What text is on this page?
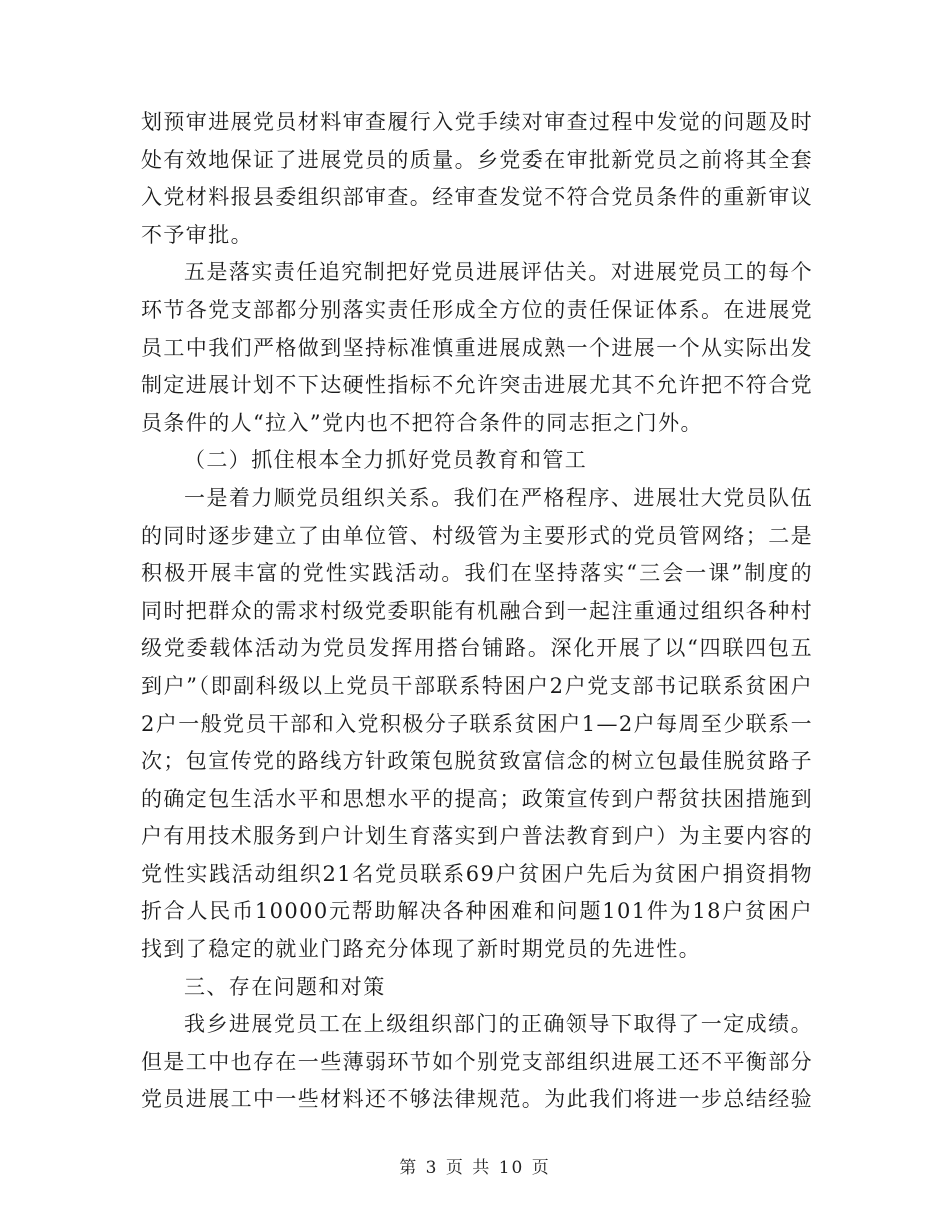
划预审进展党员材料审查履行入党手续对审查过程中发觉的问题及时处有效地保证了进展党员的质量。乡党委在审批新党员之前将其全套入党材料报县委组织部审查。经审查发觉不符合党员条件的重新审议不予审批。

五是落实责任追究制把好党员进展评估关。对进展党员工的每个环节各党支部都分别落实责任形成全方位的责任保证体系。在进展党员工中我们严格做到坚持标准慎重进展成熟一个进展一个从实际出发制定进展计划不下达硬性指标不允许突击进展尤其不允许把不符合党员条件的人“拉入”党内也不把符合条件的同志拒之门外。

（二）抓住根本全力抓好党员教育和管工

一是着力顺党员组织关系。我们在严格程序、进展壮大党员队伍的同时逐步建立了由单位管、村级管为主要形式的党员管网络；二是积极开展丰富的党性实践活动。我们在坚持落实“三会一课”制度的同时把群众的需求村级党委职能有机融合到一起注重通过组织各种村级党委载体活动为党员发挥用搭台铺路。深化开展了以“四联四包五到户”（即副科级以上党员干部联系特困户2户党支部书记联系贫困户2户一般党员干部和入党积极分子联系贫困户1—2户每周至少联系一次；包宣传党的路线方针政策包脱贫致富信念的树立包最佳脱贫路子的确定包生活水平和思想水平的提高；政策宣传到户帮贫扶困措施到户有用技术服务到户计划生育落实到户普法教育到户）为主要内容的党性实践活动组织21名党员联系69户贫困户先后为贫困户捐资捐物折合人民币10000元帮助解决各种困难和问题101件为18户贫困户找到了稳定的就业门路充分体现了新时期党员的先进性。

三、存在问题和对策

我乡进展党员工在上级组织部门的正确领导下取得了一定成绩。但是工中也存在一些薄弱环节如个别党支部组织进展工还不平衡部分党员进展工中一些材料还不够法律规范。为此我们将进一步总结经验

第 3 页 共 10 页
